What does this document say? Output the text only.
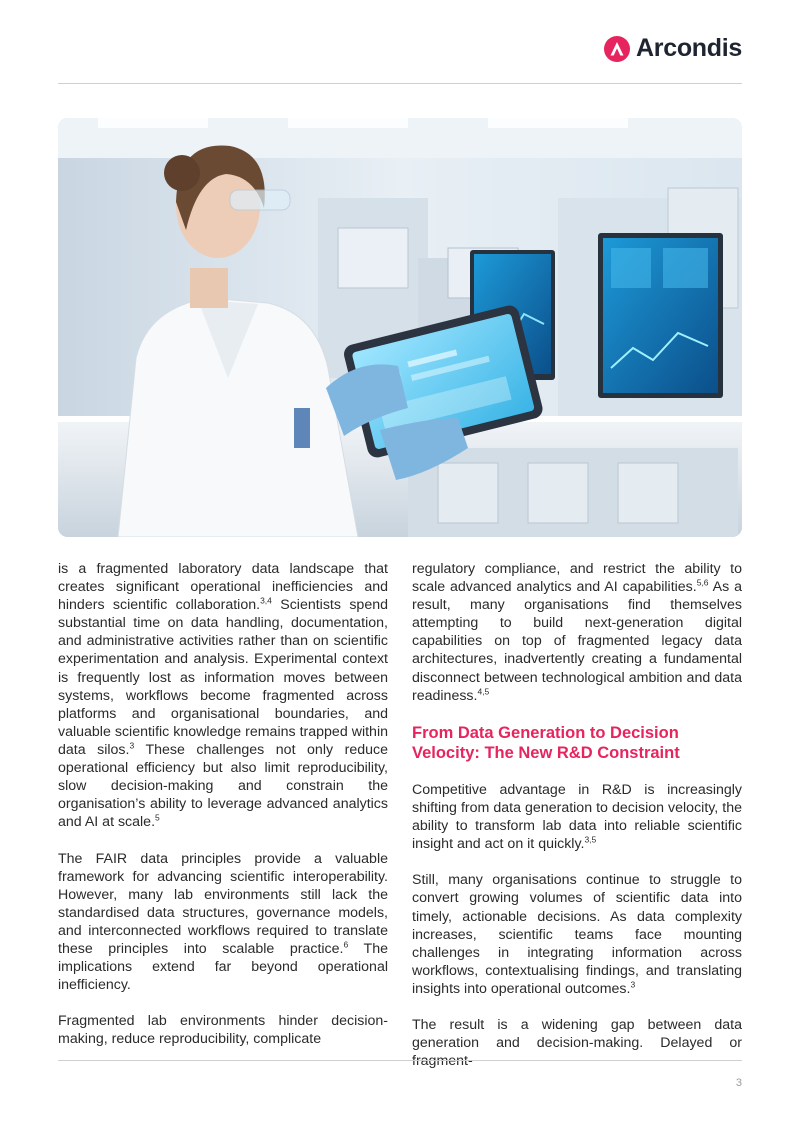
Arcondis

is a fragmented laboratory data landscape that creates significant operational inefficiencies and hinders scientific collaboration.$^{3,4}$ Scientists spend substantial time on data handling, documentation, and administrative activities rather than on scientific experimentation and analysis. Experimental context is frequently lost as information moves between systems, workflows become fragmented across platforms and organisational boundaries, and valuable scientific knowledge remains trapped within data silos.$^3$ These challenges not only reduce operational efficiency but also limit reproducibility, slow decision-making and constrain the organisation’s ability to leverage advanced analytics and AI at scale.$^5$

The FAIR data principles provide a valuable framework for advancing scientific interoperability. However, many lab environments still lack the standardised data structures, governance models, and interconnected workflows required to translate these principles into scalable practice.$^6$ The implications extend far beyond operational inefficiency.

Fragmented lab environments hinder decision-making, reduce reproducibility, complicate

regulatory compliance, and restrict the ability to scale advanced analytics and AI capabilities.$^{5,6}$ As a result, many organisations find themselves attempting to build next-generation digital capabilities on top of fragmented legacy data architectures, inadvertently creating a fundamental disconnect between technological ambition and data readiness.$^{4,5}$

From Data Generation to Decision Velocity: The New R&D Constraint

Competitive advantage in R&D is increasingly shifting from data generation to decision velocity, the ability to transform lab data into reliable scientific insight and act on it quickly.$^{3,5}$

Still, many organisations continue to struggle to convert growing volumes of scientific data into timely, actionable decisions. As data complexity increases, scientific teams face mounting challenges in integrating information across workflows, contextualising findings, and translating insights into operational outcomes.$^3$

The result is a widening gap between data generation and decision-making. Delayed or fragment-

3
